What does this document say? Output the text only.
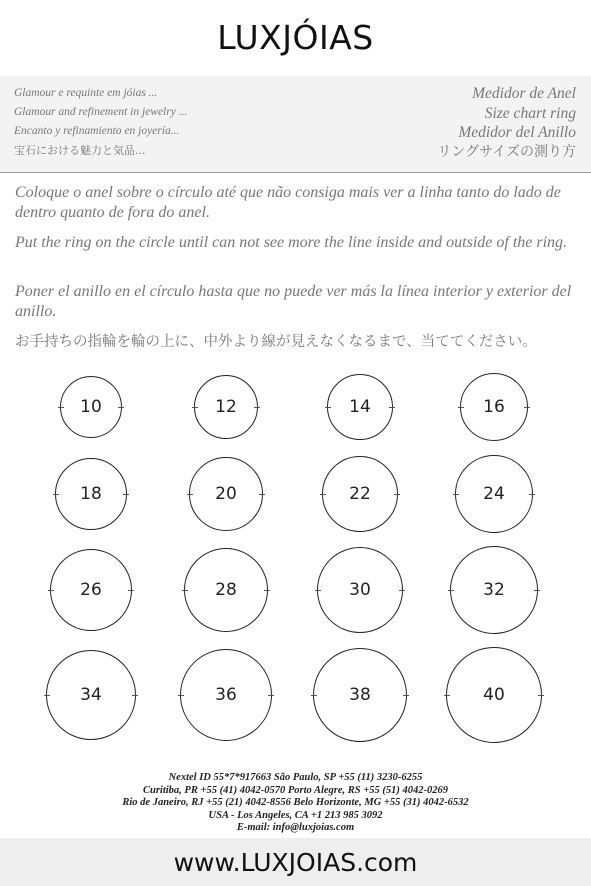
LUXJÓIAS
Glamour e requinte em jóias ...
Glamour and refinement in jewelry ...
Encanto y refinamiento en joyería...
宝石における魅力と気品...
Medidor de Anel
Size chart ring
Medidor del Anillo
リングサイズの測り方
Coloque o anel sobre o círculo até que não consiga mais ver a linha tanto do lado de dentro quanto de fora do anel.
Put the ring on the circle until can not see more the line inside and outside of the ring.
Poner el anillo en el círculo hasta que no puede ver más la línea interior y exterior del anillo.
お手持ちの指輪を輪の上に、中外より線が見えなくなるまで、当ててください。
10	12	14	16
18	20	22	24
26	28	30	32
34	36	38	40
Nextel ID 55*7*917663 São Paulo, SP +55 (11) 3230-6255
Curitiba, PR +55 (41) 4042-0570 Porto Alegre, RS +55 (51) 4042-0269
Rio de Janeiro, RJ +55 (21) 4042-8556 Belo Horizonte, MG +55 (31) 4042-6532
USA - Los Angeles, CA +1 213 985 3092
E-mail: info@luxjoias.com
www.LUXJOIAS.com
